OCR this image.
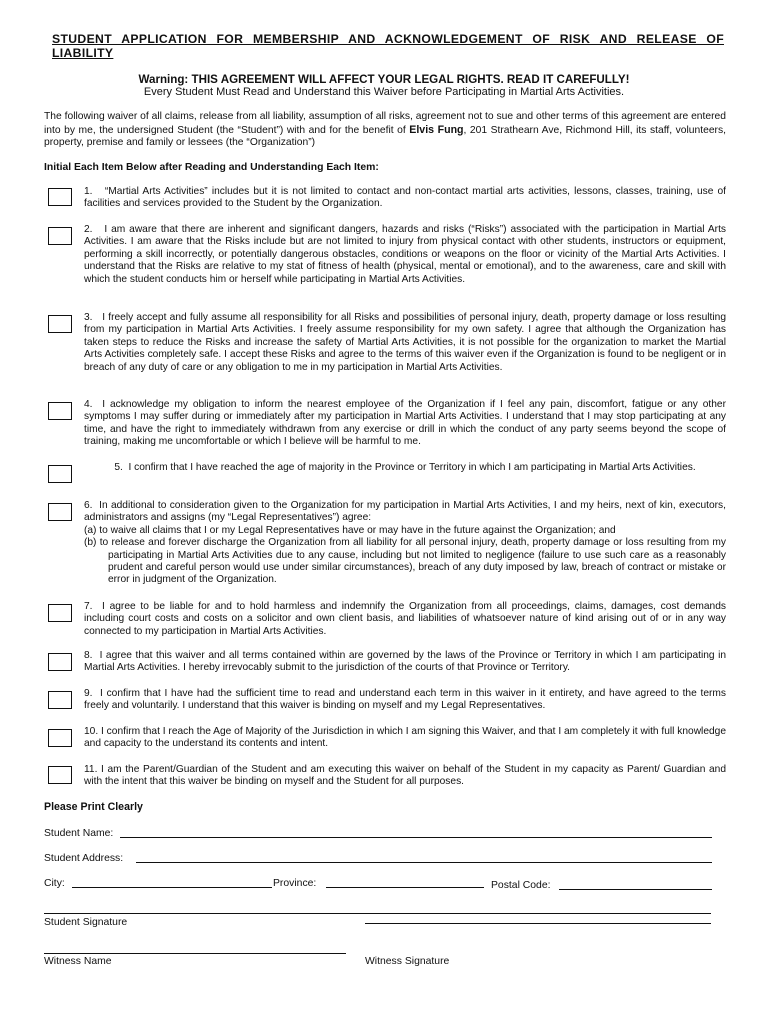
STUDENT APPLICATION FOR MEMBERSHIP AND ACKNOWLEDGEMENT OF RISK AND RELEASE OF LIABILITY

Warning: THIS AGREEMENT WILL AFFECT YOUR LEGAL RIGHTS. READ IT CAREFULLY!

Every Student Must Read and Understand this Waiver before Participating in Martial Arts Activities.

The following waiver of all claims, release from all liability, assumption of all risks, agreement not to sue and other terms of this agreement are entered into by me, the undersigned Student (the “Student”) with and for the benefit of Elvis Fung, 201 Strathearn Ave, Richmond Hill, its staff, volunteers, property, premise and family or lessees (the “Organization”)

Initial Each Item Below after Reading and Understanding Each Item:

1. “Martial Arts Activities” includes but it is not limited to contact and non-contact martial arts activities, lessons, classes, training, use of facilities and services provided to the Student by the Organization.

2. I am aware that there are inherent and significant dangers, hazards and risks (“Risks”) associated with the participation in Martial Arts Activities. I am aware that the Risks include but are not limited to injury from physical contact with other students, instructors or equipment, performing a skill incorrectly, or potentially dangerous obstacles, conditions or weapons on the floor or vicinity of the Martial Arts Activities. I understand that the Risks are relative to my stat of fitness of health (physical, mental or emotional), and to the awareness, care and skill with which the student conducts him or herself while participating in Martial Arts Activities.

3. I freely accept and fully assume all responsibility for all Risks and possibilities of personal injury, death, property damage or loss resulting from my participation in Martial Arts Activities. I freely assume responsibility for my own safety. I agree that although the Organization has taken steps to reduce the Risks and increase the safety of Martial Arts Activities, it is not possible for the organization to market the Martial Arts Activities completely safe. I accept these Risks and agree to the terms of this waiver even if the Organization is found to be negligent or in breach of any duty of care or any obligation to me in my participation in Martial Arts Activities.

4. I acknowledge my obligation to inform the nearest employee of the Organization if I feel any pain, discomfort, fatigue or any other symptoms I may suffer during or immediately after my participation in Martial Arts Activities. I understand that I may stop participating at any time, and have the right to immediately withdrawn from any exercise or drill in which the conduct of any party seems beyond the scope of training, making me uncomfortable or which I believe will be harmful to me.

5. I confirm that I have reached the age of majority in the Province or Territory in which I am participating in Martial Arts Activities.

6. In additional to consideration given to the Organization for my participation in Martial Arts Activities, I and my heirs, next of kin, executors, administrators and assigns (my “Legal Representatives”) agree:

(a) to waive all claims that I or my Legal Representatives have or may have in the future against the Organization; and

(b) to release and forever discharge the Organization from all liability for all personal injury, death, property damage or loss resulting from my participating in Martial Arts Activities due to any cause, including but not limited to negligence (failure to use such care as a reasonably prudent and careful person would use under similar circumstances), breach of any duty imposed by law, breach of contract or mistake or error in judgment of the Organization.

7. I agree to be liable for and to hold harmless and indemnify the Organization from all proceedings, claims, damages, cost demands including court costs and costs on a solicitor and own client basis, and liabilities of whatsoever nature of kind arising out of or in any way connected to my participation in Martial Arts Activities.

8. I agree that this waiver and all terms contained within are governed by the laws of the Province or Territory in which I am participating in Martial Arts Activities. I hereby irrevocably submit to the jurisdiction of the courts of that Province or Territory.

9. I confirm that I have had the sufficient time to read and understand each term in this waiver in it entirety, and have agreed to the terms freely and voluntarily. I understand that this waiver is binding on myself and my Legal Representatives.

10. I confirm that I reach the Age of Majority of the Jurisdiction in which I am signing this Waiver, and that I am completely it with full knowledge and capacity to the understand its contents and intent.

11. I am the Parent/Guardian of the Student and am executing this waiver on behalf of the Student in my capacity as Parent/ Guardian and with the intent that this waiver be binding on myself and the Student for all purposes.

Please Print Clearly

Student Name:

Student Address:

City:	Province:	Postal Code:

Student Signature

Witness Name	Witness Signature
